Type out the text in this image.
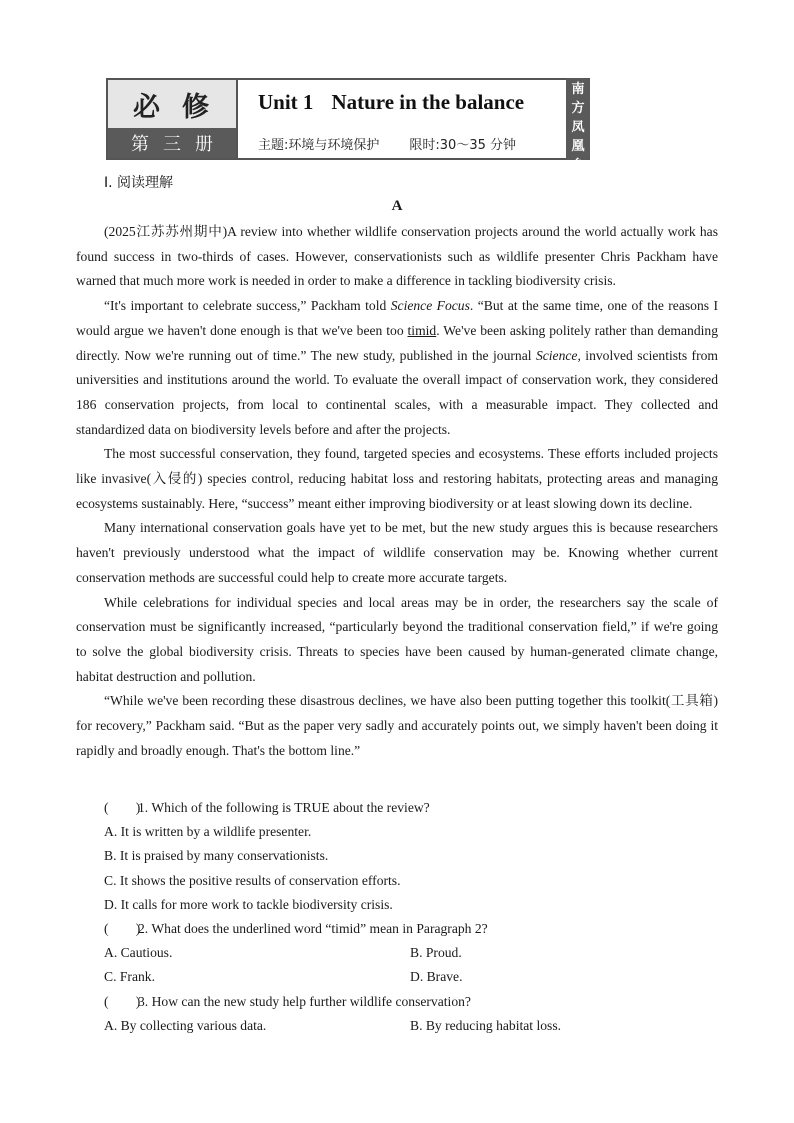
必修
第三册
Unit 1 Nature in the balance
主题:环境与环境保护 限时:30～35 分钟
南
方
凤
凰
台
Ⅰ. 阅读理解
A

(2025江苏苏州期中)A review into whether wildlife conservation projects around the world actually work has found success in two-thirds of cases. However, conservationists such as wildlife presenter Chris Packham have warned that much more work is needed in order to make a difference in tackling biodiversity crisis.

“It's important to celebrate success,” Packham told Science Focus. “But at the same time, one of the reasons I would argue we haven't done enough is that we've been too timid. We've been asking politely rather than demanding directly. Now we're running out of time.” The new study, published in the journal Science, involved scientists from universities and institutions around the world. To evaluate the overall impact of conservation work, they considered 186 conservation projects, from local to continental scales, with a measurable impact. They collected and standardized data on biodiversity levels before and after the projects.

The most successful conservation, they found, targeted species and ecosystems. These efforts included projects like invasive(入侵的) species control, reducing habitat loss and restoring habitats, protecting areas and managing ecosystems sustainably. Here, “success” meant either improving biodiversity or at least slowing down its decline.

Many international conservation goals have yet to be met, but the new study argues this is because researchers haven't previously understood what the impact of wildlife conservation may be. Knowing whether current conservation methods are successful could help to create more accurate targets.

While celebrations for individual species and local areas may be in order, the researchers say the scale of conservation must be significantly increased, “particularly beyond the traditional conservation field,” if we're going to solve the global biodiversity crisis. Threats to species have been caused by human-generated climate change, habitat destruction and pollution.

“While we've been recording these disastrous declines, we have also been putting together this toolkit(工具箱) for recovery,” Packham said. “But as the paper very sadly and accurately points out, we simply haven't been doing it rapidly and broadly enough. That's the bottom line.”

(　　)1. Which of the following is TRUE about the review?

A. It is written by a wildlife presenter.

B. It is praised by many conservationists.

C. It shows the positive results of conservation efforts.

D. It calls for more work to tackle biodiversity crisis.

(　　)2. What does the underlined word “timid” mean in Paragraph 2?

A. Cautious.	B. Proud.
C. Frank.	D. Brave.

(　　)3. How can the new study help further wildlife conservation?

A. By collecting various data.	B. By reducing habitat loss.
